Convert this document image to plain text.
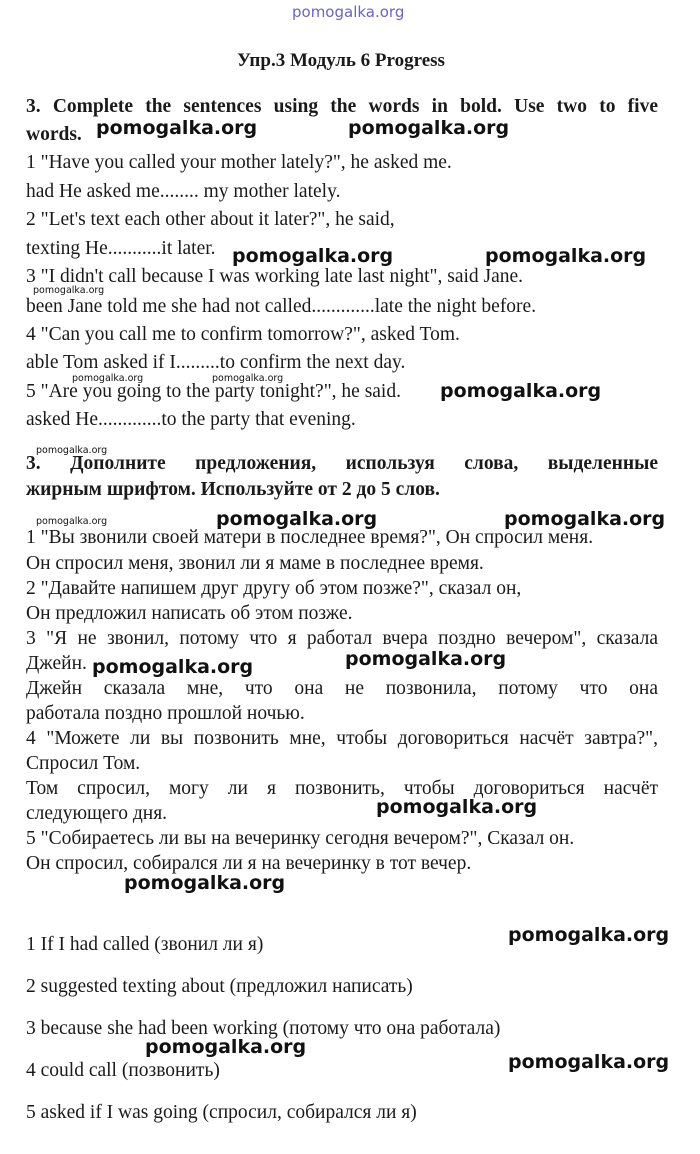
pomogalka.org
Упр.3 Модуль 6 Progress
3. Complete the sentences using the words in bold. Use two to five
words.
1 "Have you called your mother lately?", he asked me.
had He asked me........ my mother lately.
2 "Let's text each other about it later?", he said,
texting He...........it later.
3 "I didn't call because I was working late last night", said Jane.
been Jane told me she had not called.............late the night before.
4 "Can you call me to confirm tomorrow?", asked Tom.
able Tom asked if I.........to confirm the next day.
5 "Are you going to the party tonight?", he said.
asked He.............to the party that evening.
3. Дополните предложения, используя слова, выделенные
жирным шрифтом. Используйте от 2 до 5 слов.
1 "Вы звонили своей матери в последнее время?", Он спросил меня.
Он спросил меня, звонил ли я маме в последнее время.
2 "Давайте напишем друг другу об этом позже?", сказал он,
Он предложил написать об этом позже.
3 "Я не звонил, потому что я работал вчера поздно вечером", сказала
Джейн.
Джейн сказала мне, что она не позвонила, потому что она
работала поздно прошлой ночью.
4 "Можете ли вы позвонить мне, чтобы договориться насчёт завтра?",
Спросил Том.
Том спросил, могу ли я позвонить, чтобы договориться насчёт
следующего дня.
5 "Собираетесь ли вы на вечеринку сегодня вечером?", Сказал он.
Он спросил, собирался ли я на вечеринку в тот вечер.
1 If I had called (звонил ли я)
2 suggested texting about (предложил написать)
3 because she had been working (потому что она работала)
4 could call (позвонить)
5 asked if I was going (спросил, собирался ли я)
pomogalka.org	pomogalka.org
pomogalka.org	pomogalka.org
pomogalka.org
pomogalka.org	pomogalka.org
pomogalka.org
pomogalka.org
pomogalka.org	pomogalka.org	pomogalka.org
pomogalka.org	pomogalka.org
pomogalka.org
pomogalka.org
pomogalka.org
pomogalka.org
pomogalka.org
